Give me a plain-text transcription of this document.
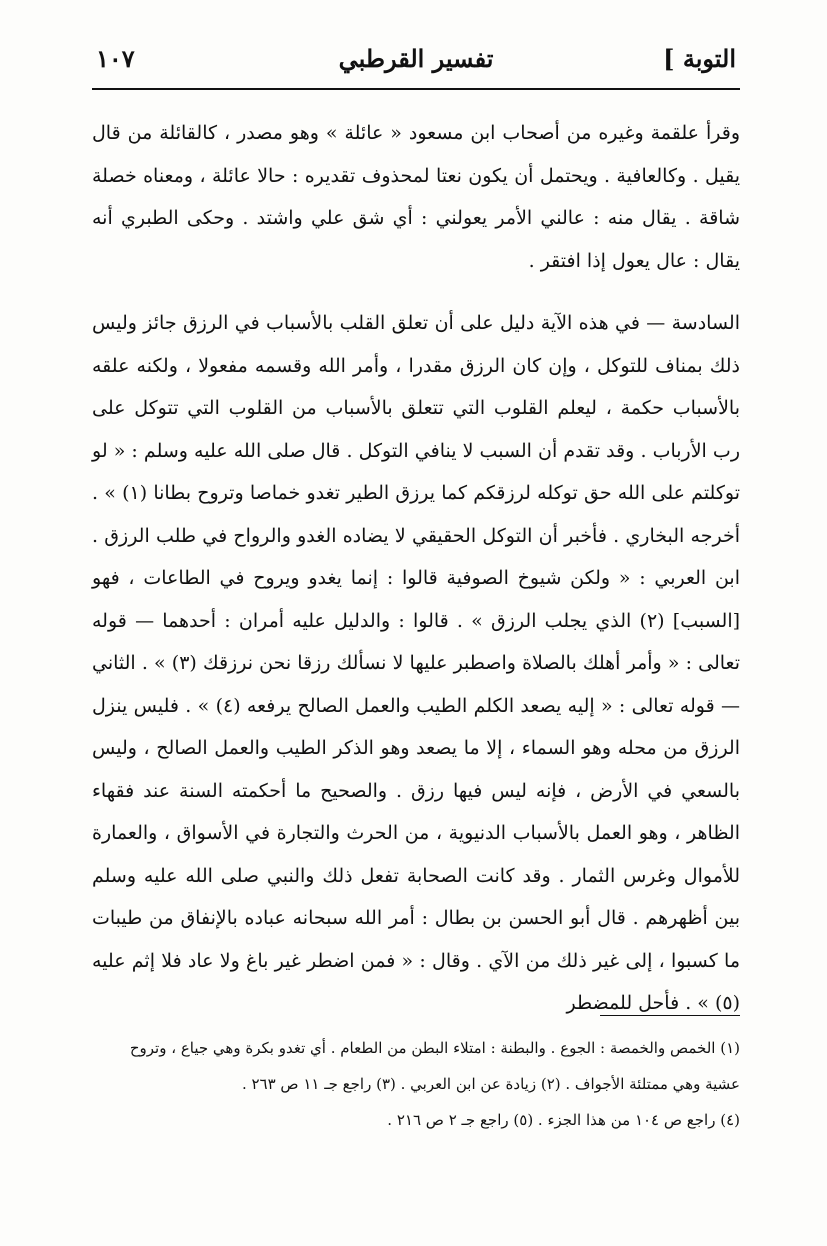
التوبة ]
تفسير القرطبي
١٠٧

وقرأ علقمة وغيره من أصحاب ابن مسعود « عائلة » وهو مصدر ، كالقائلة من قال يقيل . وكالعافية . ويحتمل أن يكون نعتا لمحذوف تقديره : حالا عائلة ، ومعناه خصلة شاقة . يقال منه : عالني الأمر يعولني : أي شق علي واشتد . وحكى الطبري أنه يقال : عال يعول إذا افتقر .

السادسة — في هذه الآية دليل على أن تعلق القلب بالأسباب في الرزق جائز وليس ذلك بمناف للتوكل ، وإن كان الرزق مقدرا ، وأمر الله وقسمه مفعولا ، ولكنه علقه بالأسباب حكمة ، ليعلم القلوب التي تتعلق بالأسباب من القلوب التي تتوكل على رب الأرباب . وقد تقدم أن السبب لا ينافي التوكل . قال صلى الله عليه وسلم : « لو توكلتم على الله حق توكله لرزقكم كما يرزق الطير تغدو خماصا وتروح بطانا (١) » . أخرجه البخاري . فأخبر أن التوكل الحقيقي لا يضاده الغدو والرواح في طلب الرزق . ابن العربي : « ولكن شيوخ الصوفية قالوا : إنما يغدو ويروح في الطاعات ، فهو [السبب] (٢) الذي يجلب الرزق » . قالوا : والدليل عليه أمران : أحدهما — قوله تعالى : « وأمر أهلك بالصلاة واصطبر عليها لا نسألك رزقا نحن نرزقك (٣) » . الثاني — قوله تعالى : « إليه يصعد الكلم الطيب والعمل الصالح يرفعه (٤) » . فليس ينزل الرزق من محله وهو السماء ، إلا ما يصعد وهو الذكر الطيب والعمل الصالح ، وليس بالسعي في الأرض ، فإنه ليس فيها رزق . والصحيح ما أحكمته السنة عند فقهاء الظاهر ، وهو العمل بالأسباب الدنيوية ، من الحرث والتجارة في الأسواق ، والعمارة للأموال وغرس الثمار . وقد كانت الصحابة تفعل ذلك والنبي صلى الله عليه وسلم بين أظهرهم . قال أبو الحسن بن بطال : أمر الله سبحانه عباده بالإنفاق من طيبات ما كسبوا ، إلى غير ذلك من الآي . وقال : « فمن اضطر غير باغ ولا عاد فلا إثم عليه (٥) » . فأحل للمضطر

(١) الخمص والخمصة : الجوع . والبطنة : امتلاء البطن من الطعام . أي تغدو بكرة وهي جياع ، وتروح
عشية وهي ممتلئة الأجواف . (٢) زيادة عن ابن العربي . (٣) راجع جـ ١١ ص ٢٦٣ .
(٤) راجع ص ١٠٤ من هذا الجزء . (٥) راجع جـ ٢ ص ٢١٦ .
